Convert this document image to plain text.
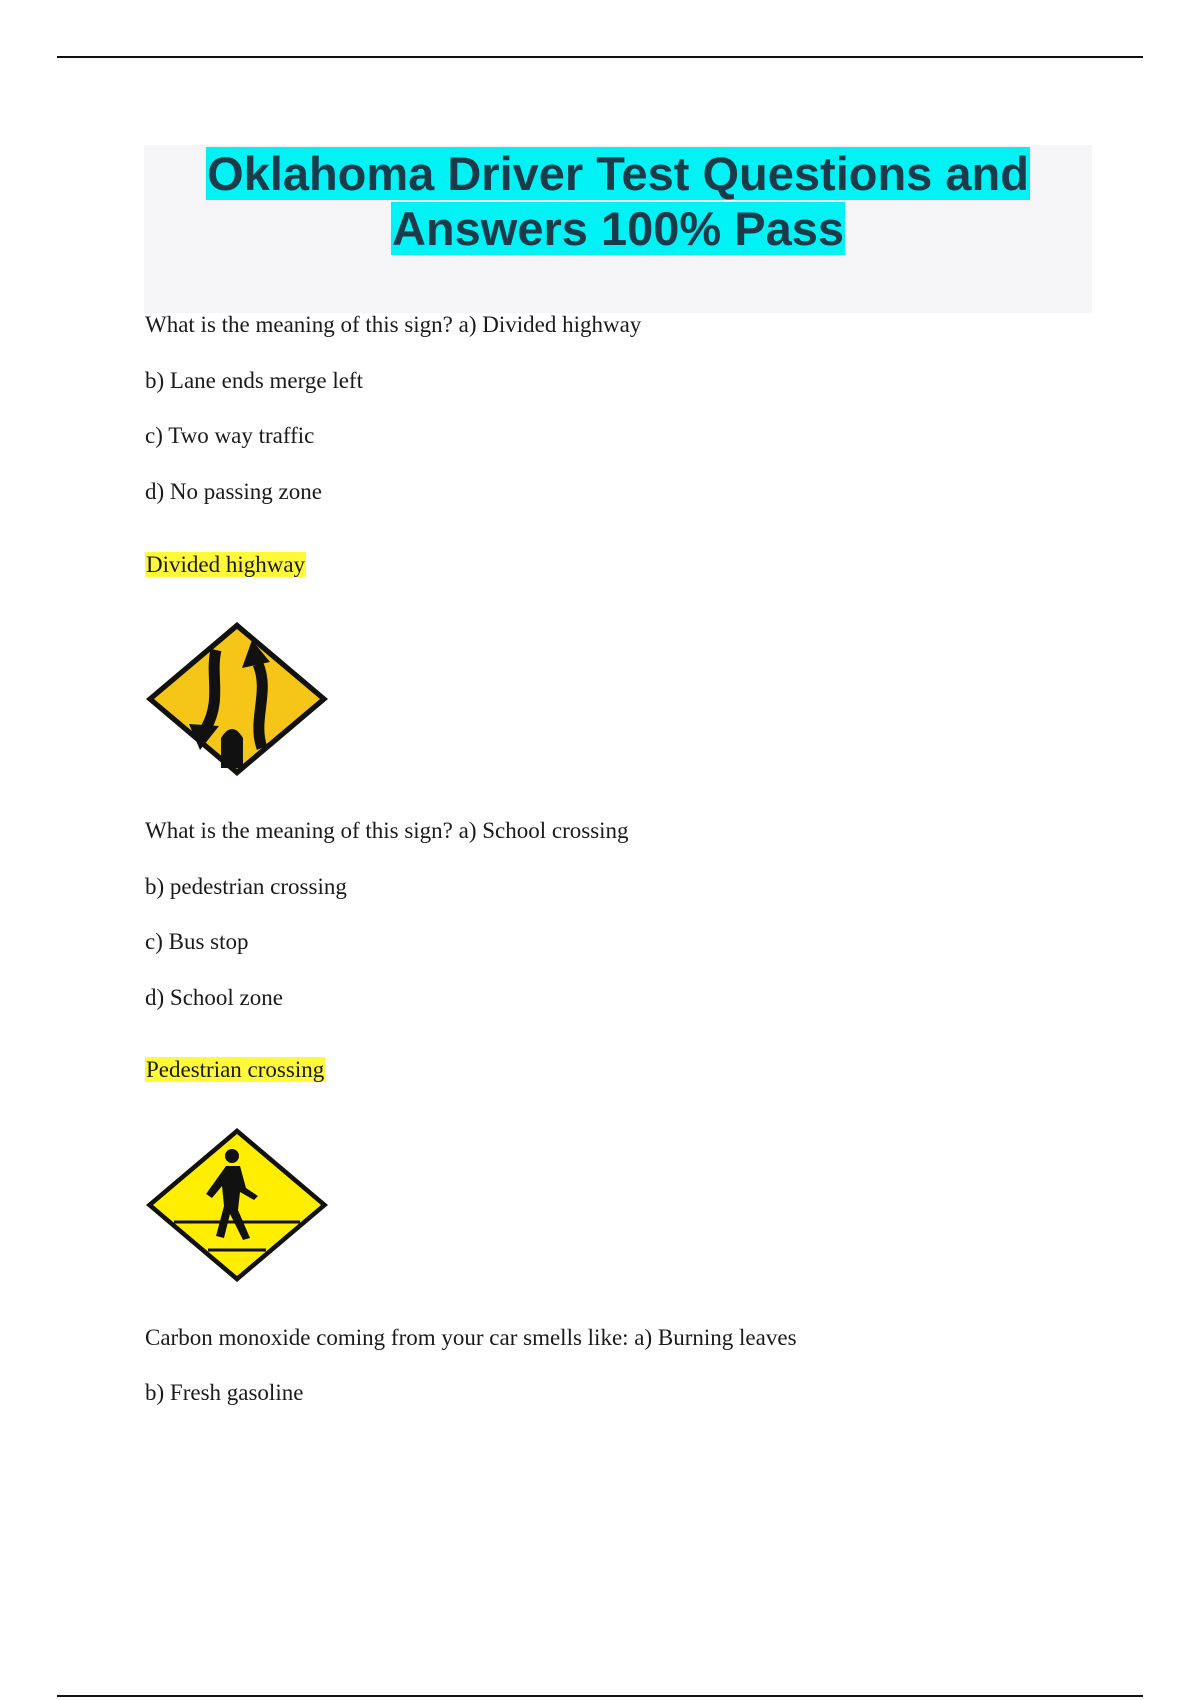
Oklahoma Driver Test Questions and Answers 100% Pass
What is the meaning of this sign? a) Divided highway
b) Lane ends merge left
c) Two way traffic
d) No passing zone
Divided highway
What is the meaning of this sign? a) School crossing
b) pedestrian crossing
c) Bus stop
d) School zone
Pedestrian crossing
Carbon monoxide coming from your car smells like: a) Burning leaves
b) Fresh gasoline
